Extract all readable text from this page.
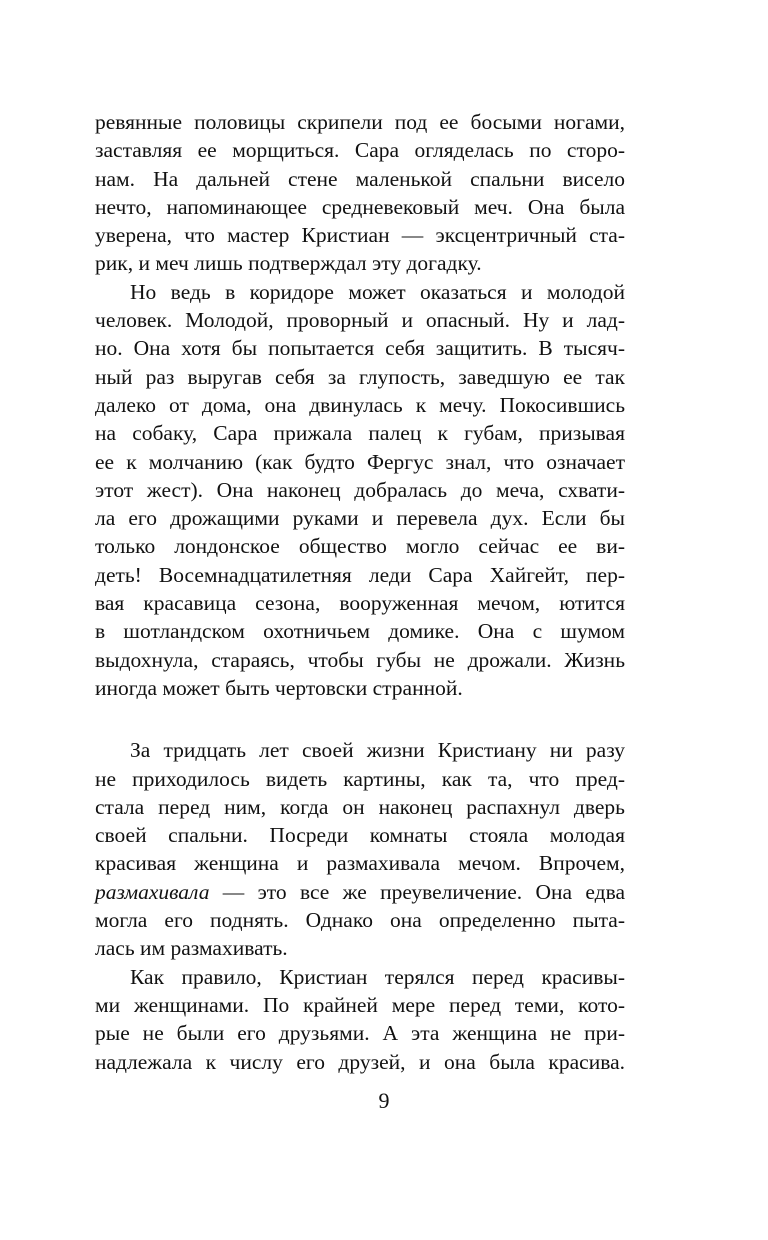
ревянные половицы скрипели под ее босыми ногами,
заставляя ее морщиться. Сара огляделась по сторо-
нам. На дальней стене маленькой спальни висело
нечто, напоминающее средневековый меч. Она была
уверена, что мастер Кристиан — эксцентричный ста-
рик, и меч лишь подтверждал эту догадку.
Но ведь в коридоре может оказаться и молодой
человек. Молодой, проворный и опасный. Ну и лад-
но. Она хотя бы попытается себя защитить. В тысяч-
ный раз выругав себя за глупость, заведшую ее так
далеко от дома, она двинулась к мечу. Покосившись
на собаку, Сара прижала палец к губам, призывая
ее к молчанию (как будто Фергус знал, что означает
этот жест). Она наконец добралась до меча, схвати-
ла его дрожащими руками и перевела дух. Если бы
только лондонское общество могло сейчас ее ви-
деть! Восемнадцатилетняя леди Сара Хайгейт, пер-
вая красавица сезона, вооруженная мечом, ютится
в шотландском охотничьем домике. Она с шумом
выдохнула, стараясь, чтобы губы не дрожали. Жизнь
иногда может быть чертовски странной.
За тридцать лет своей жизни Кристиану ни разу
не приходилось видеть картины, как та, что пред-
стала перед ним, когда он наконец распахнул дверь
своей спальни. Посреди комнаты стояла молодая
красивая женщина и размахивала мечом. Впрочем,
размахивала — это все же преувеличение. Она едва
могла его поднять. Однако она определенно пыта-
лась им размахивать.
Как правило, Кристиан терялся перед красивы-
ми женщинами. По крайней мере перед теми, кото-
рые не были его друзьями. А эта женщина не при-
надлежала к числу его друзей, и она была красива.
9
